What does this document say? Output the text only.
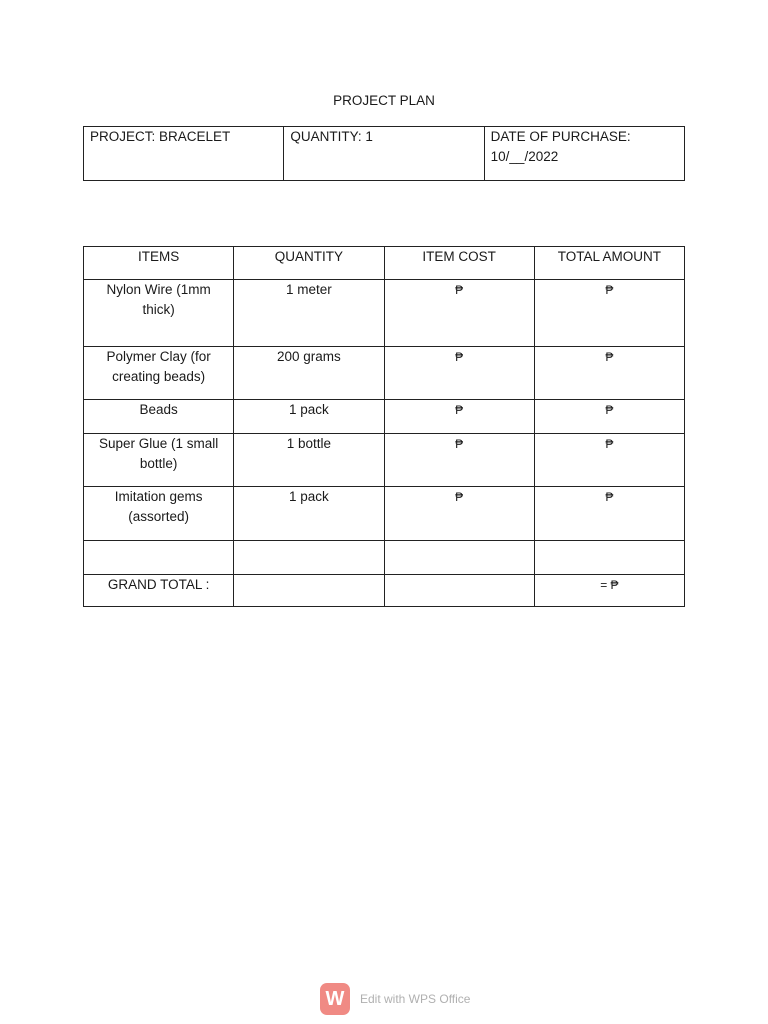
PROJECT PLAN
PROJECT: BRACELET	QUANTITY: 1	DATE OF PURCHASE:
10/__/2022
ITEMS	QUANTITY	ITEM COST	TOTAL AMOUNT
Nylon Wire (1mm thick)	1 meter	₱	₱
Polymer Clay (for creating beads)	200 grams	₱	₱
Beads	1 pack	₱	₱
Super Glue (1 small bottle)	1 bottle	₱	₱
Imitation gems (assorted)	1 pack	₱	₱

GRAND TOTAL :			= ₱
W	Edit with WPS Office
